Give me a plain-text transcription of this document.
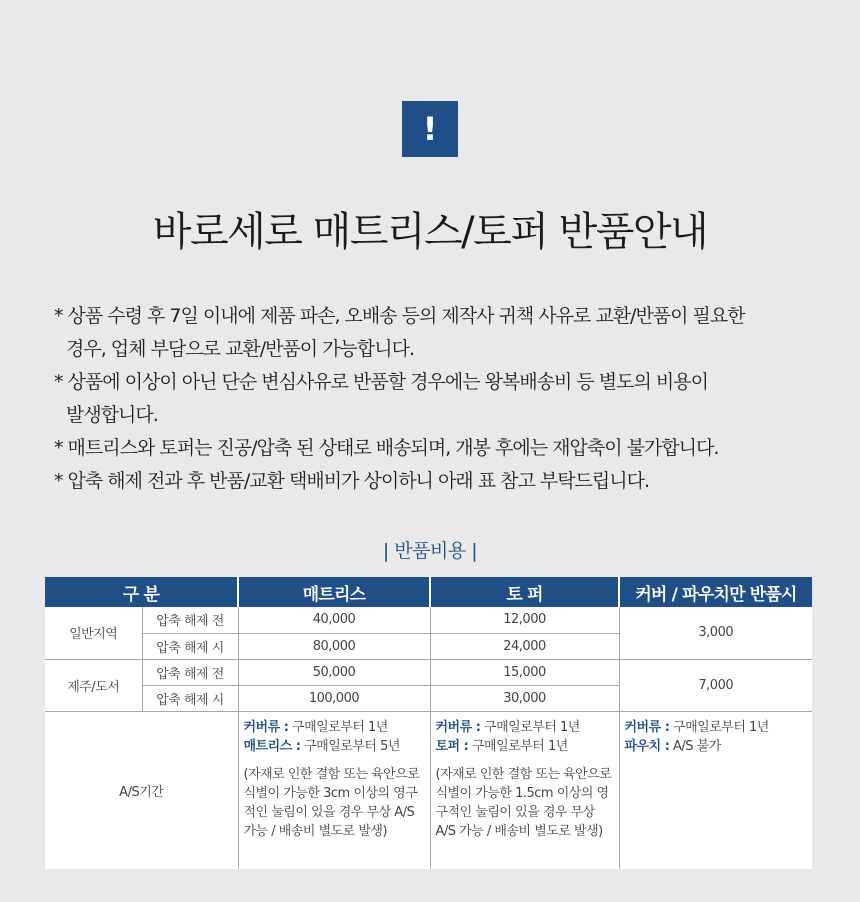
!
바로세로 매트리스/토퍼 반품안내
* 상품 수령 후 7일 이내에 제품 파손, 오배송 등의 제작사 귀책 사유로 교환/반품이 필요한
경우, 업체 부담으로 교환/반품이 가능합니다.
* 상품에 이상이 아닌 단순 변심사유로 반품할 경우에는 왕복배송비 등 별도의 비용이
발생합니다.
* 매트리스와 토퍼는 진공/압축 된 상태로 배송되며, 개봉 후에는 재압축이 불가합니다.
* 압축 해제 전과 후 반품/교환 택배비가 상이하니 아래 표 참고 부탁드립니다.
| 반품비용 |
구 분		매트리스	토 퍼	커버 / 파우치만 반품시
일반지역	압축 해제 전	40,000	12,000	3,000
	압축 해제 시	80,000	24,000	
제주/도서	압축 해제 전	50,000	15,000	7,000
	압축 해제 시	100,000	30,000	
A/S기간		커버류 : 구매일로부터 1년
매트리스 : 구매일로부터 5년
(자재로 인한 결함 또는 육안으로 식별이 가능한 3cm 이상의 영구적인 눌림이 있을 경우 무상 A/S 가능 / 배송비 별도로 발생)	커버류 : 구매일로부터 1년
토퍼 : 구매일로부터 1년
(자재로 인한 결함 또는 육안으로 식별이 가능한 1.5cm 이상의 영구적인 눌림이 있을 경우 무상 A/S 가능 / 배송비 별도로 발생)	커버류 : 구매일로부터 1년
파우치 : A/S 불가
